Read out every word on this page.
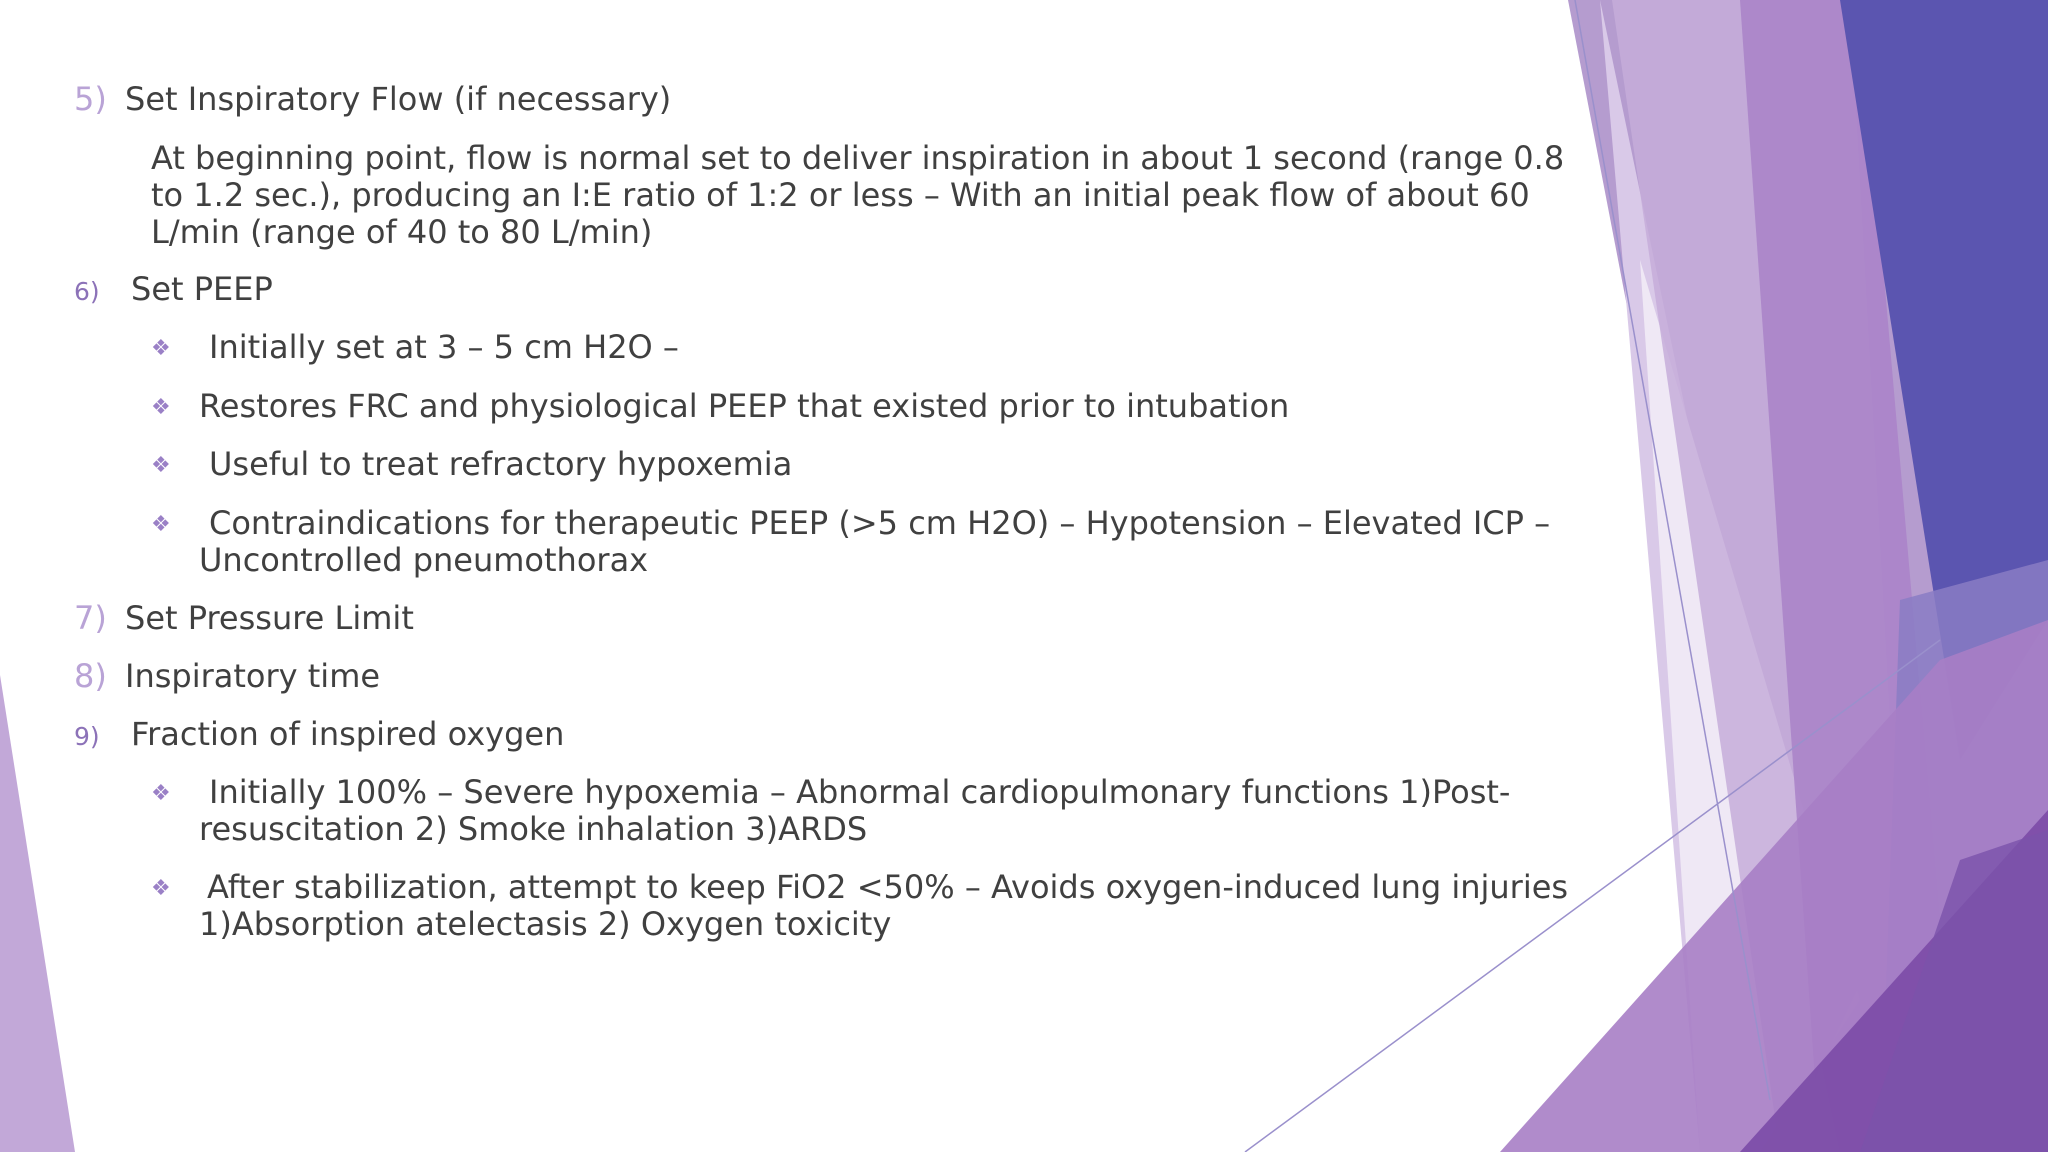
5) Set Inspiratory Flow (if necessary)
At beginning point, flow is normal set to deliver inspiration in about 1 second (range 0.8
to 1.2 sec.), producing an I:E ratio of 1:2 or less – With an initial peak flow of about 60
L/min (range of 40 to 80 L/min)
6) Set PEEP
❖ Initially set at 3 – 5 cm H2O –
❖ Restores FRC and physiological PEEP that existed prior to intubation
❖ Useful to treat refractory hypoxemia
❖ Contraindications for therapeutic PEEP (>5 cm H2O) – Hypotension – Elevated ICP –
Uncontrolled pneumothorax
7) Set Pressure Limit
8) Inspiratory time
9) Fraction of inspired oxygen
❖ Initially 100% – Severe hypoxemia – Abnormal cardiopulmonary functions 1)Post-
resuscitation 2) Smoke inhalation 3)ARDS
❖ After stabilization, attempt to keep FiO2 <50% – Avoids oxygen-induced lung injuries
1)Absorption atelectasis 2) Oxygen toxicity
